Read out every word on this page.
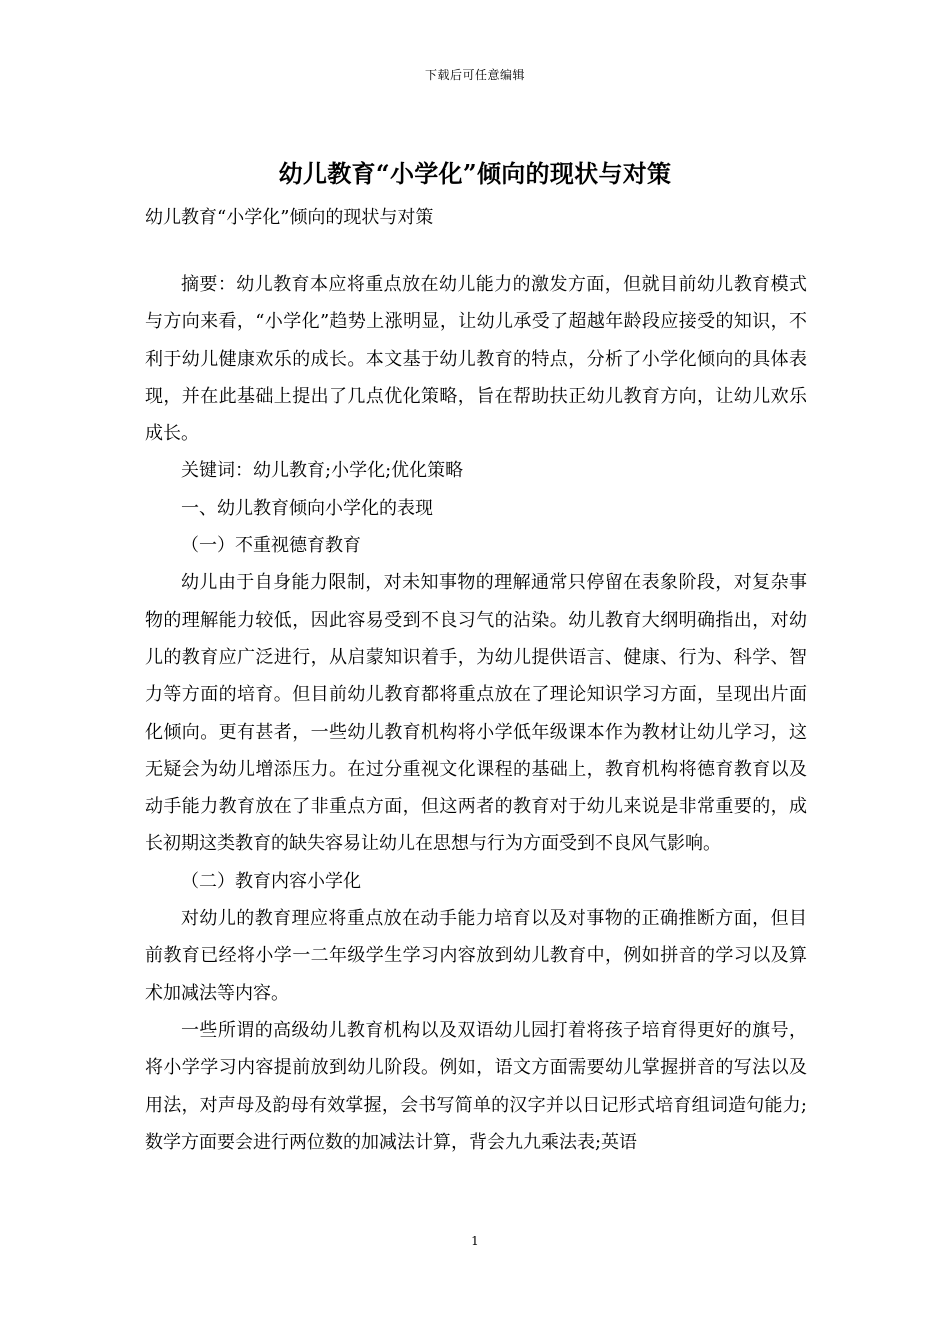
下载后可任意编辑
幼儿教育“小学化”倾向的现状与对策
幼儿教育“小学化”倾向的现状与对策

摘要：幼儿教育本应将重点放在幼儿能力的激发方面，但就目前幼儿教育模式与方向来看，“小学化”趋势上涨明显，让幼儿承受了超越年龄段应接受的知识，不利于幼儿健康欢乐的成长。本文基于幼儿教育的特点，分析了小学化倾向的具体表现，并在此基础上提出了几点优化策略，旨在帮助扶正幼儿教育方向，让幼儿欢乐成长。

关键词：幼儿教育;小学化;优化策略

一、幼儿教育倾向小学化的表现

（一）不重视德育教育

幼儿由于自身能力限制，对未知事物的理解通常只停留在表象阶段，对复杂事物的理解能力较低，因此容易受到不良习气的沾染。幼儿教育大纲明确指出，对幼儿的教育应广泛进行，从启蒙知识着手，为幼儿提供语言、健康、行为、科学、智力等方面的培育。但目前幼儿教育都将重点放在了理论知识学习方面，呈现出片面化倾向。更有甚者，一些幼儿教育机构将小学低年级课本作为教材让幼儿学习，这无疑会为幼儿增添压力。在过分重视文化课程的基础上，教育机构将德育教育以及动手能力教育放在了非重点方面，但这两者的教育对于幼儿来说是非常重要的，成长初期这类教育的缺失容易让幼儿在思想与行为方面受到不良风气影响。

（二）教育内容小学化

对幼儿的教育理应将重点放在动手能力培育以及对事物的正确推断方面，但目前教育已经将小学一二年级学生学习内容放到幼儿教育中，例如拼音的学习以及算术加减法等内容。

一些所谓的高级幼儿教育机构以及双语幼儿园打着将孩子培育得更好的旗号，将小学学习内容提前放到幼儿阶段。例如，语文方面需要幼儿掌握拼音的写法以及用法，对声母及韵母有效掌握，会书写简单的汉字并以日记形式培育组词造句能力;数学方面要会进行两位数的加减法计算，背会九九乘法表;英语

1
